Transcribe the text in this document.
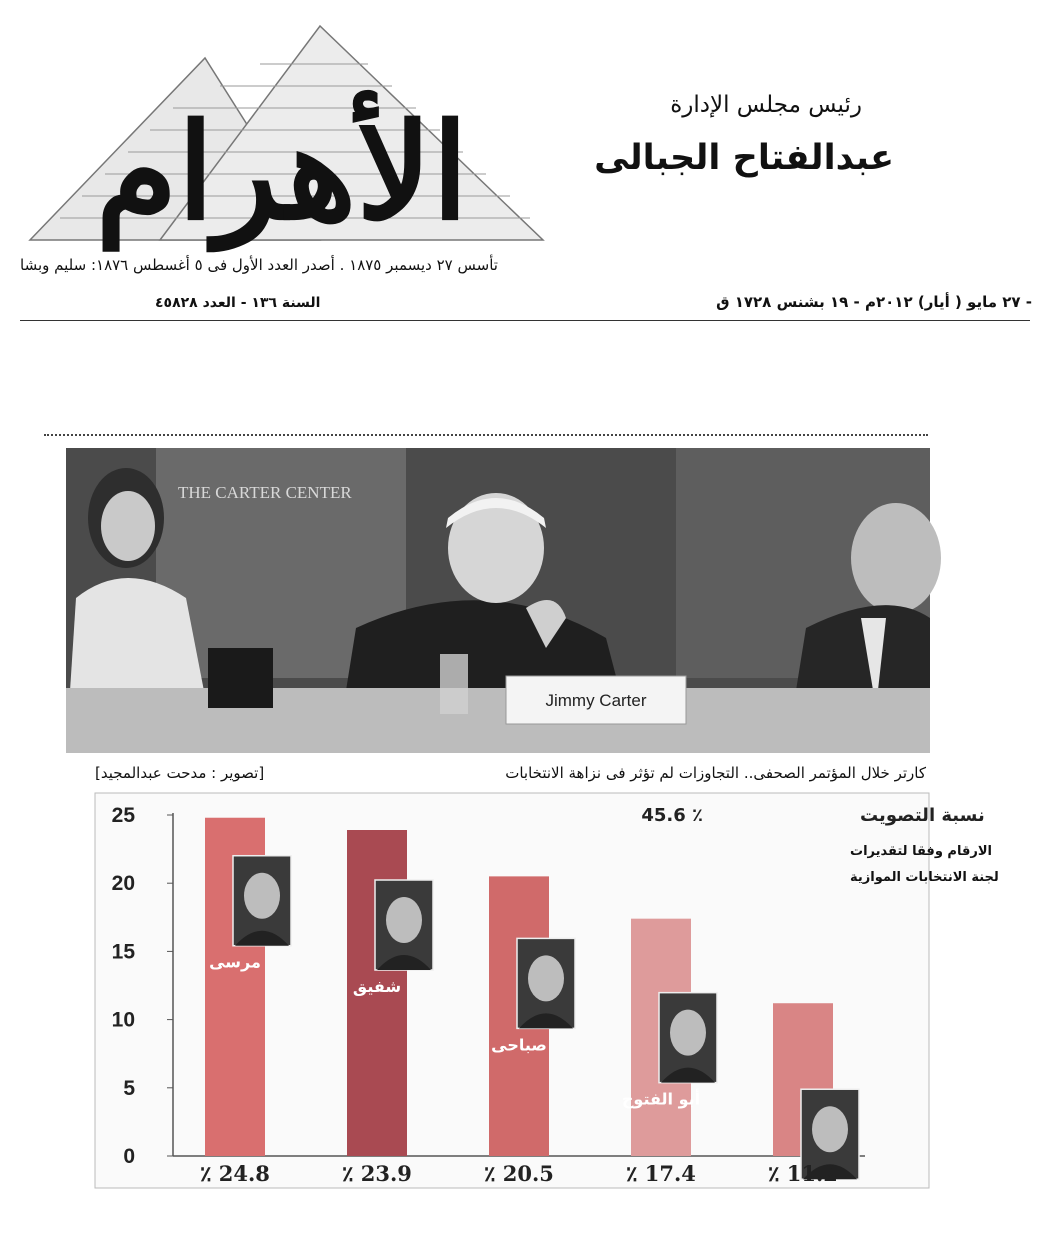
الأهرام	رئيس مجلس الإدارة
عبدالفتاح الجبالى
تأسس ٢٧ ديسمبر ١٨٧٥ . أصدر العدد الأول فى ٥ أغسطس ١٨٧٦: سليم وبشا
السنة ١٣٦ - العدد ٤٥٨٢٨	- ٢٧ مايو ( أيار) ٢٠١٢م - ١٩ بشنس ١٧٢٨ ق
THE CARTER CENTER
Jimmy Carter
كارتر خلال المؤتمر الصحفى.. التجاوزات لم تؤثر فى نزاهة الانتخابات
[تصوير : مدحت عبدالمجيد]
0
5
10
15
20
25
مرسى
شفيق
صباحى
أبو الفتوح
موسى
٪ 24.8	٪ 23.9	٪ 20.5	٪ 17.4	٪ 11.2
نسبة التصويت
45.6 ٪
الارقام وفقا لتقديرات
لجنة الانتخابات الموازية
